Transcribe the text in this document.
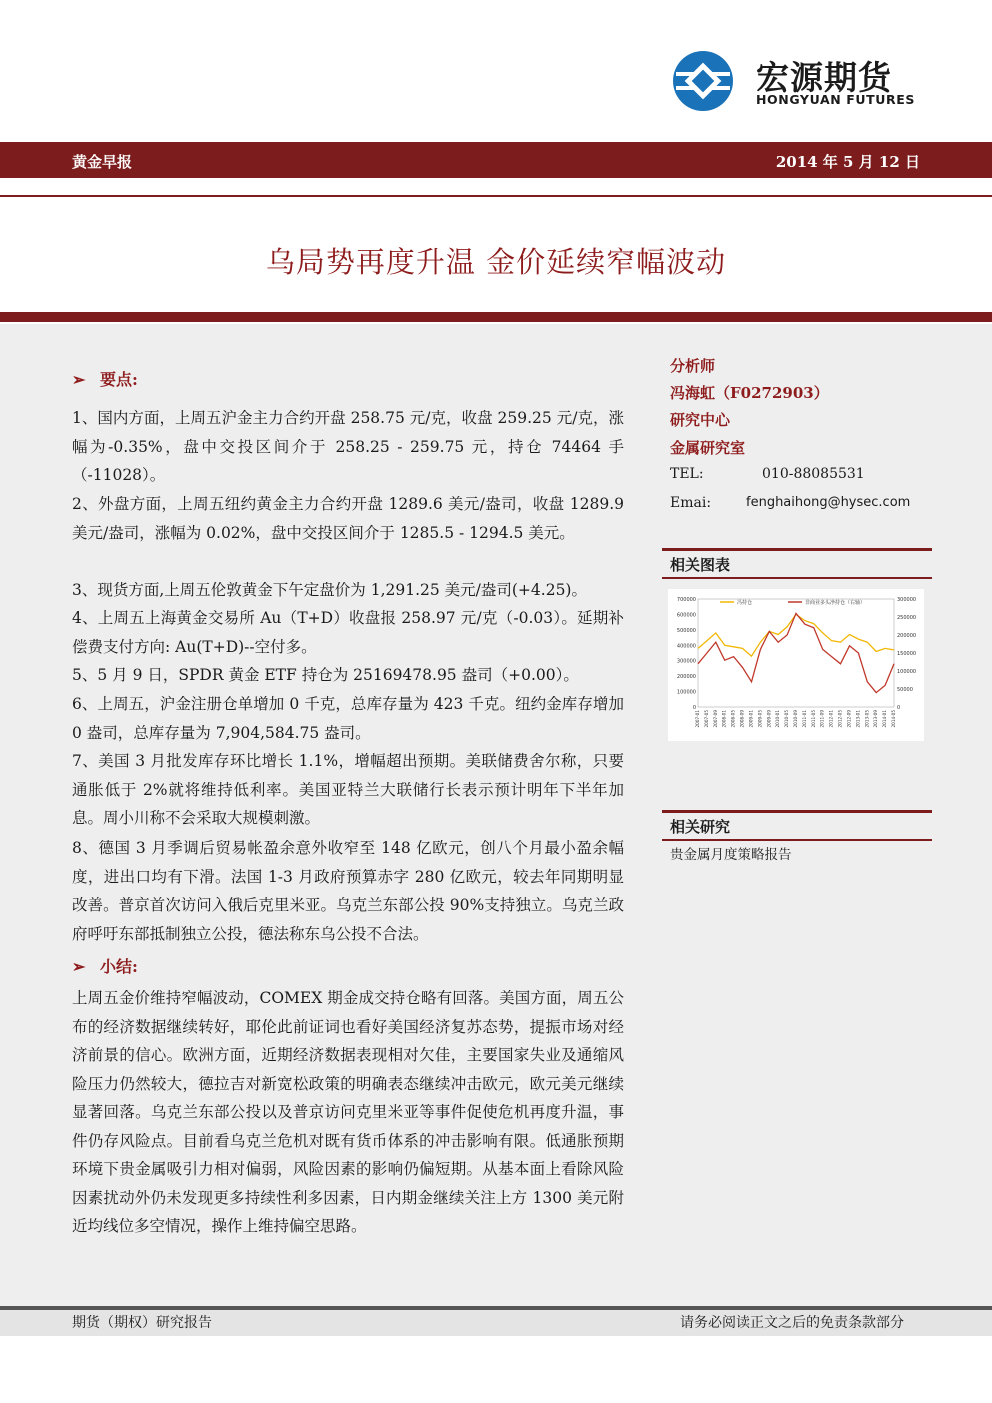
宏源期货
HONGYUAN FUTURES
黄金早报	2014 年 5 月 12 日
乌局势再度升温 金价延续窄幅波动
➢ 要点:
1、国内方面，上周五沪金主力合约开盘 258.75 元/克，收盘 259.25 元/克，涨幅为-0.35%，盘中交投区间介于 258.25 - 259.75 元，持仓 74464 手（-11028）。
2、外盘方面，上周五纽约黄金主力合约开盘 1289.6 美元/盎司，收盘 1289.9 美元/盎司，涨幅为 0.02%，盘中交投区间介于 1285.5 - 1294.5 美元。
3、现货方面,上周五伦敦黄金下午定盘价为 1,291.25 美元/盎司(+4.25)。
4、上周五上海黄金交易所 Au（T+D）收盘报 258.97 元/克（-0.03）。延期补偿费支付方向: Au(T+D)--空付多。
5、5 月 9 日，SPDR 黄金 ETF 持仓为 25169478.95 盎司（+0.00）。
6、上周五，沪金注册仓单增加 0 千克，总库存量为 423 千克。纽约金库存增加 0 盎司，总库存量为 7,904,584.75 盎司。
7、美国 3 月批发库存环比增长 1.1%，增幅超出预期。美联储费舍尔称，只要通胀低于 2%就将维持低利率。美国亚特兰大联储行长表示预计明年下半年加息。周小川称不会采取大规模刺激。
8、德国 3 月季调后贸易帐盈余意外收窄至 148 亿欧元，创八个月最小盈余幅度，进出口均有下滑。法国 1-3 月政府预算赤字 280 亿欧元，较去年同期明显改善。普京首次访问入俄后克里米亚。乌克兰东部公投 90%支持独立。乌克兰政府呼吁东部抵制独立公投，德法称东乌公投不合法。
➢ 小结:
上周五金价维持窄幅波动，COMEX 期金成交持仓略有回落。美国方面，周五公布的经济数据继续转好，耶伦此前证词也看好美国经济复苏态势，提振市场对经济前景的信心。欧洲方面，近期经济数据表现相对欠佳，主要国家失业及通缩风险压力仍然较大，德拉吉对新宽松政策的明确表态继续冲击欧元，欧元美元继续显著回落。乌克兰东部公投以及普京访问克里米亚等事件促使危机再度升温，事件仍存风险点。目前看乌克兰危机对既有货币体系的冲击影响有限。低通胀预期环境下贵金属吸引力相对偏弱，风险因素的影响仍偏短期。从基本面上看除风险因素扰动外仍未发现更多持续性利多因素，日内期金继续关注上方 1300 美元附近均线位多空情况，操作上维持偏空思路。
分析师
冯海虹（F0272903）
研究中心
金属研究室
TEL:	010-88085531
Emai:	fenghaihong@hysec.com
相关图表
700000
600000
500000
400000
300000
200000
100000
0
300000
250000
200000
150000
100000
50000
0
2007-01 2007-05 2007-09 2008-01 2008-05 2008-09 2009-01 2009-05 2009-09 2010-01 2010-05 2010-09 2011-01 2011-05 2011-09 2012-01 2012-05 2012-09 2013-01 2013-05 2013-09 2014-01 2014-05
冯持仓	非商业多头净持仓（右轴）
相关研究
贵金属月度策略报告
期货（期权）研究报告	请务必阅读正文之后的免责条款部分
